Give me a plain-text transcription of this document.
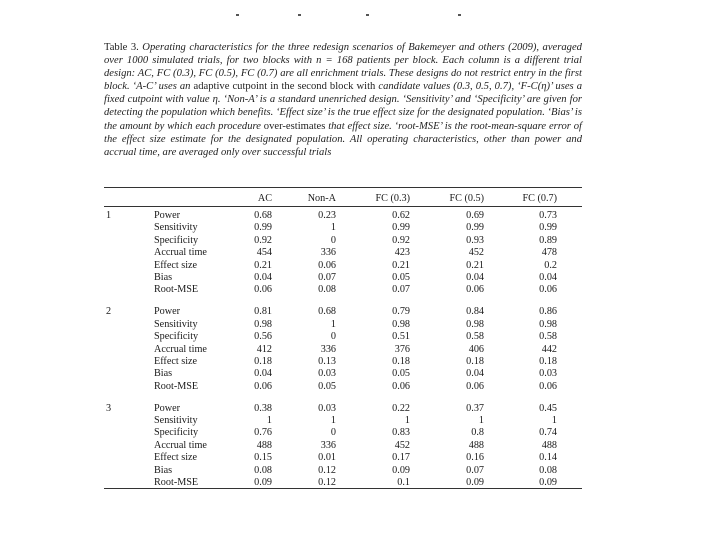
Table 3. Operating characteristics for the three redesign scenarios of Bakemeyer and others (2009), averaged over 1000 simulated trials, for two blocks with n = 168 patients per block. Each column is a different trial design: AC, FC (0.3), FC (0.5), FC (0.7) are all enrichment trials. These designs do not restrict entry in the first block. ‘A-C’ uses an adaptive cutpoint in the second block with candidate values (0.3, 0.5, 0.7), ‘F-C(η)’ uses a fixed cutpoint with value η. ‘Non-A’ is a standard unenriched design. ‘Sensitivity’ and ‘Specificity’ are given for detecting the population which benefits. ‘Effect size’ is the true effect size for the designated population. ‘Bias’ is the amount by which each procedure over-estimates that effect size. ‘root-MSE’ is the root-mean-square error of the effect size estimate for the designated population. All operating characteristics, other than power and accrual time, are averaged only over successful trials
AC	Non-A	FC (0.3)	FC (0.5)	FC (0.7)
1	Power	0.68	0.23	0.62	0.69	0.73
Sensitivity	0.99	1	0.99	0.99	0.99
Specificity	0.92	0	0.92	0.93	0.89
Accrual time	454	336	423	452	478
Effect size	0.21	0.06	0.21	0.21	0.2
Bias	0.04	0.07	0.05	0.04	0.04
Root-MSE	0.06	0.08	0.07	0.06	0.06
2	Power	0.81	0.68	0.79	0.84	0.86
Sensitivity	0.98	1	0.98	0.98	0.98
Specificity	0.56	0	0.51	0.58	0.58
Accrual time	412	336	376	406	442
Effect size	0.18	0.13	0.18	0.18	0.18
Bias	0.04	0.03	0.05	0.04	0.03
Root-MSE	0.06	0.05	0.06	0.06	0.06
3	Power	0.38	0.03	0.22	0.37	0.45
Sensitivity	1	1	1	1	1
Specificity	0.76	0	0.83	0.8	0.74
Accrual time	488	336	452	488	488
Effect size	0.15	0.01	0.17	0.16	0.14
Bias	0.08	0.12	0.09	0.07	0.08
Root-MSE	0.09	0.12	0.1	0.09	0.09
